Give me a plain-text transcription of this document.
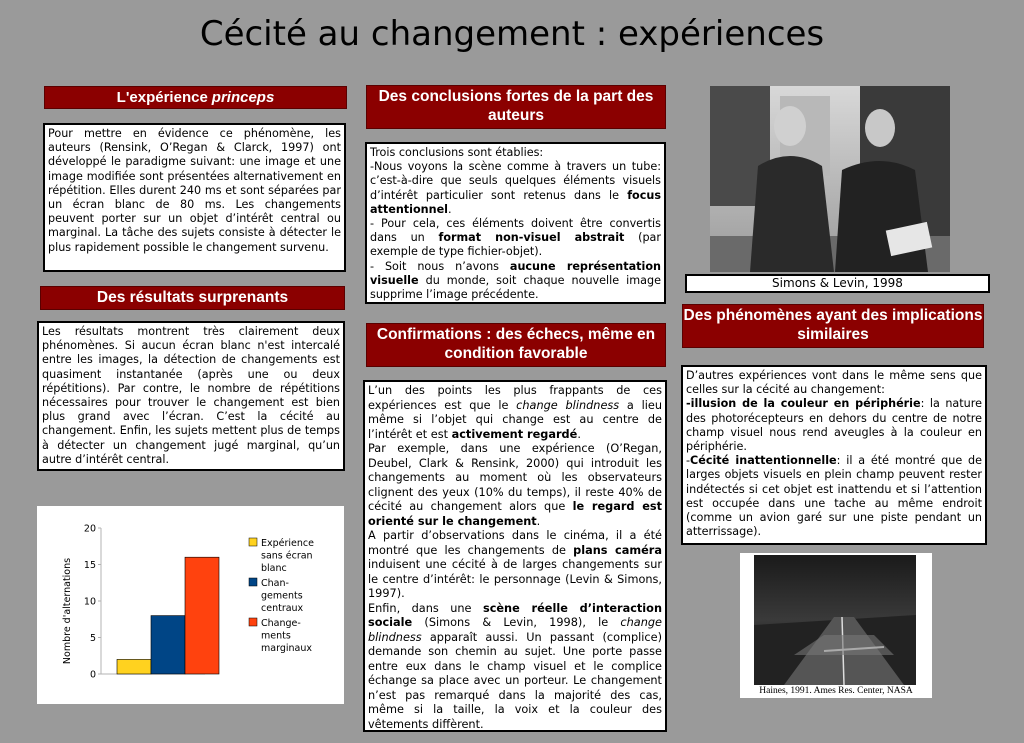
Cécité au changement : expériences
L'expérience princeps

Pour mettre en évidence ce phénomène, les auteurs (Rensink, O’Regan & Clarck, 1997) ont développé le paradigme suivant: une image et une image modifiée sont présentées alternativement en répétition. Elles durent 240 ms et sont séparées par un écran blanc de 80 ms. Les changements peuvent porter sur un objet d’intérêt central ou marginal. La tâche des sujets consiste à détecter le plus rapidement possible le changement survenu.

Des résultats surprenants

Les résultats montrent très clairement deux phénomènes. Si aucun écran blanc n'est intercalé entre les images, la détection de changements est quasiment instantanée (après une ou deux répétitions). Par contre, le nombre de répétitions nécessaires pour trouver le changement est bien plus grand avec l’écran. C’est la cécité au changement. Enfin, les sujets mettent plus de temps à détecter un changement jugé marginal, qu’un autre d’intérêt central.

Nombre d'alternations
0
5
10
15
20
Expérience
sans écran
blanc
Chan-
gements
centraux
Change-
ments
marginaux
Des conclusions fortes de la part des auteurs

Trois conclusions sont établies:

-Nous voyons la scène comme à travers un tube: c’est-à-dire que seuls quelques éléments visuels d’intérêt particulier sont retenus dans le focus attentionnel.

- Pour cela, ces éléments doivent être convertis dans un format non-visuel abstrait (par exemple de type fichier-objet).

- Soit nous n’avons aucune représentation visuelle du monde, soit chaque nouvelle image supprime l’image précédente.

Confirmations : des échecs, même en condition favorable

L’un des points les plus frappants de ces expériences est que le change blindness a lieu même si l’objet qui change est au centre de l’intérêt et est activement regardé.

Par exemple, dans une expérience (O’Regan, Deubel, Clark & Rensink, 2000) qui introduit les changements au moment où les observateurs clignent des yeux (10% du temps), il reste 40% de cécité au changement alors que le regard est orienté sur le changement.

A partir d’observations dans le cinéma, il a été montré que les changements de plans caméra induisent une cécité à de larges changements sur le centre d’intérêt: le personnage (Levin & Simons, 1997).

Enfin, dans une scène réelle d’interaction sociale (Simons & Levin, 1998), le change blindness apparaît aussi. Un passant (complice) demande son chemin au sujet. Une porte passe entre eux dans le champ visuel et le complice échange sa place avec un porteur. Le changement n’est pas remarqué dans la majorité des cas, même si la taille, la voix et la couleur des vêtements diffèrent.

Simons & Levin, 1998
Des phénomènes ayant des implications similaires

D’autres expériences vont dans le même sens que celles sur la cécité au changement:

-illusion de la couleur en périphérie: la nature des photorécepteurs en dehors du centre de notre champ visuel nous rend aveugles à la couleur en périphérie.

-Cécité inattentionnelle: il a été montré que de larges objets visuels en plein champ peuvent rester indétectés si cet objet est inattendu et si l’attention est occupée dans une tache au même endroit (comme un avion garé sur une piste pendant un atterrissage).

Haines, 1991. Ames Res. Center, NASA
